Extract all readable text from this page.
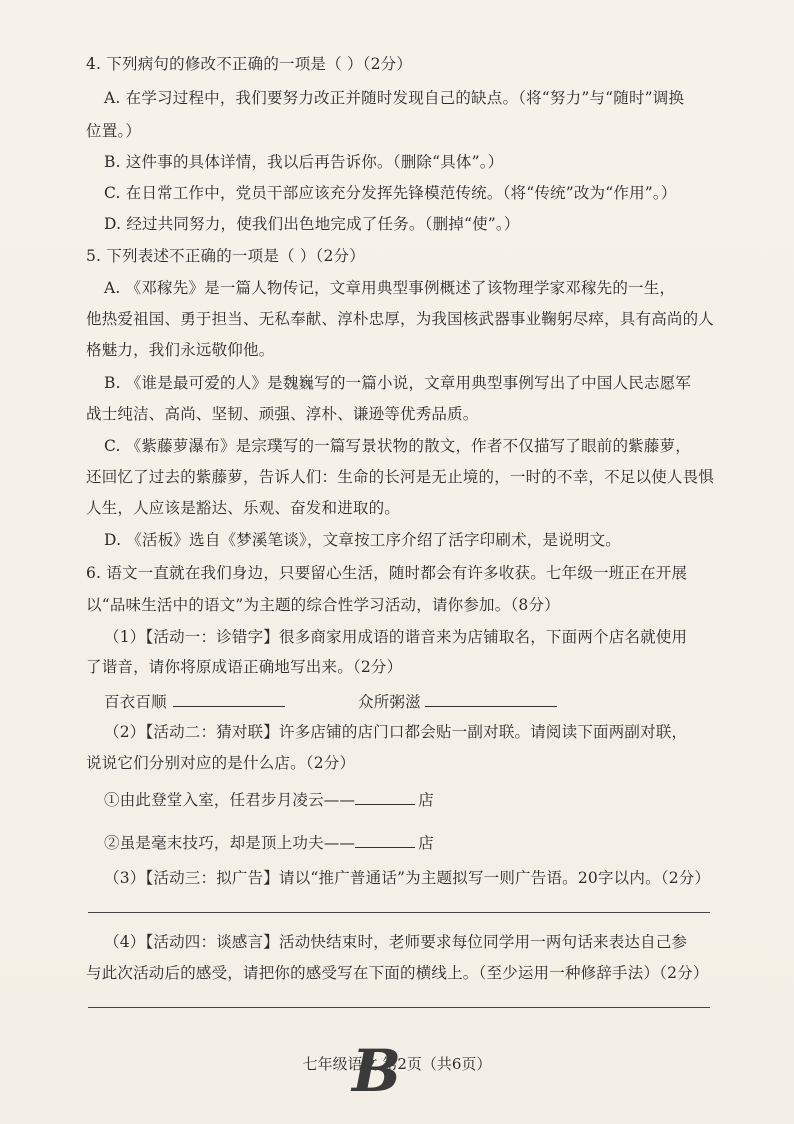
4. 下列病句的修改不正确的一项是（ ）（2分）
A. 在学习过程中，我们要努力改正并随时发现自己的缺点。（将“努力”与“随时”调换
位置。）
B. 这件事的具体详情，我以后再告诉你。（删除“具体”。）
C. 在日常工作中，党员干部应该充分发挥先锋模范传统。（将“传统”改为“作用”。）
D. 经过共同努力，使我们出色地完成了任务。（删掉“使”。）
5. 下列表述不正确的一项是（ ）（2分）
A. 《邓稼先》是一篇人物传记，文章用典型事例概述了该物理学家邓稼先的一生，
他热爱祖国、勇于担当、无私奉献、淳朴忠厚，为我国核武器事业鞠躬尽瘁，具有高尚的人
格魅力，我们永远敬仰他。
B. 《谁是最可爱的人》是魏巍写的一篇小说，文章用典型事例写出了中国人民志愿军
战士纯洁、高尚、坚韧、顽强、淳朴、谦逊等优秀品质。
C. 《紫藤萝瀑布》是宗璞写的一篇写景状物的散文，作者不仅描写了眼前的紫藤萝，
还回忆了过去的紫藤萝，告诉人们：生命的长河是无止境的，一时的不幸，不足以使人畏惧
人生，人应该是豁达、乐观、奋发和进取的。
D. 《活板》选自《梦溪笔谈》，文章按工序介绍了活字印刷术，是说明文。
6. 语文一直就在我们身边，只要留心生活，随时都会有许多收获。七年级一班正在开展
以“品味生活中的语文”为主题的综合性学习活动，请你参加。（8分）
（1）【活动一：诊错字】很多商家用成语的谐音来为店铺取名，下面两个店名就使用
了谐音，请你将原成语正确地写出来。（2分）
百衣百顺	众所粥滋
（2）【活动二：猜对联】许多店铺的店门口都会贴一副对联。请阅读下面两副对联，
说说它们分别对应的是什么店。（2分）
①由此登堂入室，任君步月凌云——	店
②虽是毫末技巧，却是顶上功夫——	店
（3）【活动三：拟广告】请以“推广普通话”为主题拟写一则广告语。20字以内。（2分）
（4）【活动四：谈感言】活动快结束时，老师要求每位同学用一两句话来表达自己参
与此次活动后的感受，请把你的感受写在下面的横线上。（至少运用一种修辞手法）（2分）
七年级语文 第2页（共6页）
B
